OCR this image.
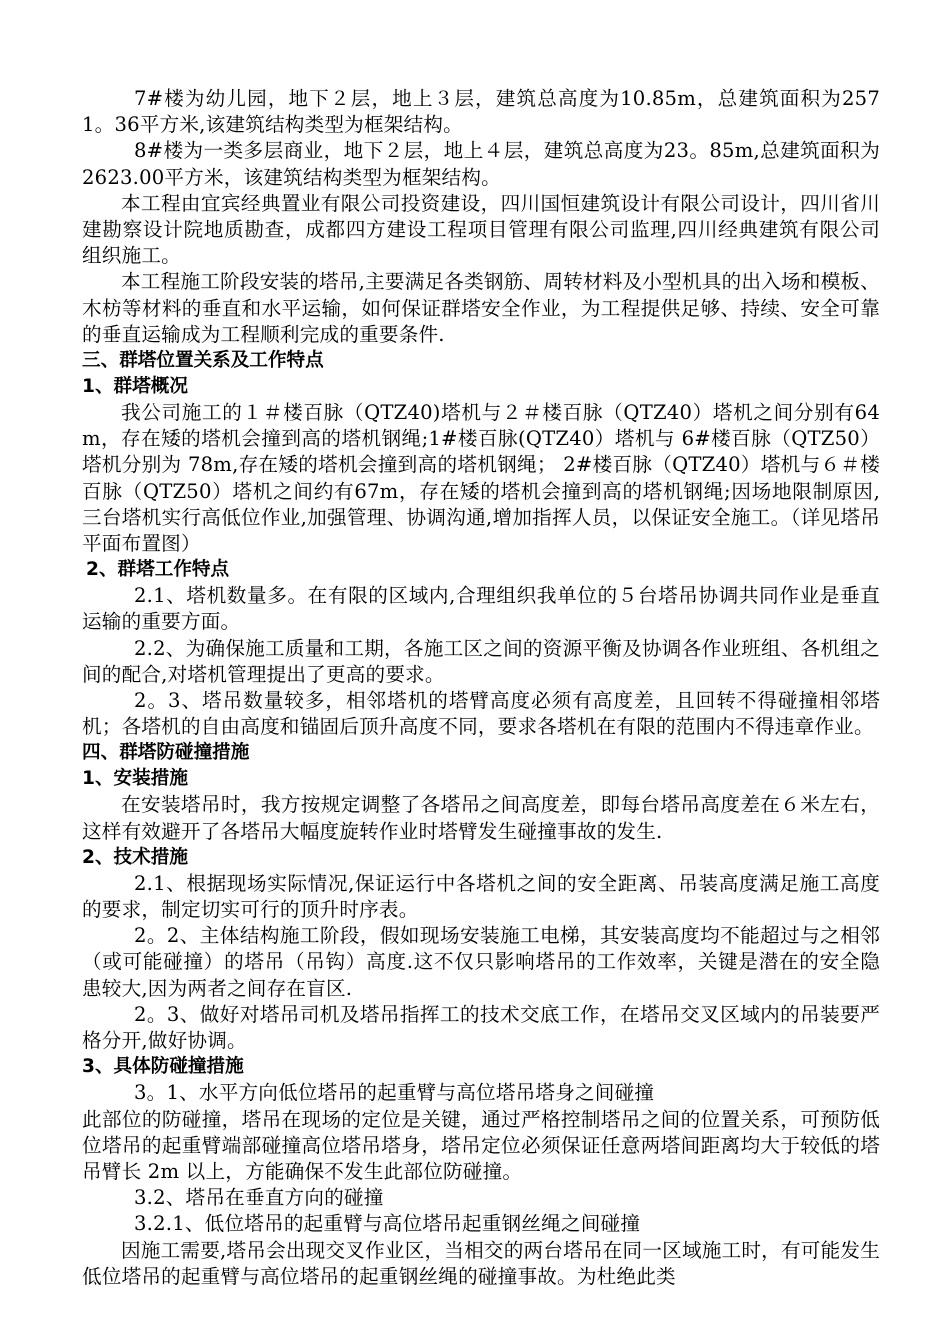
7#楼为幼儿园，地下２层，地上３层，建筑总高度为10.85m，总建筑面积为2571。36平方米,该建筑结构类型为框架结构。

8#楼为一类多层商业，地下２层，地上４层，建筑总高度为23。85m,总建筑面积为2623.00平方米，该建筑结构类型为框架结构。

本工程由宜宾经典置业有限公司投资建设，四川国恒建筑设计有限公司设计，四川省川建勘察设计院地质勘查，成都四方建设工程项目管理有限公司监理,四川经典建筑有限公司组织施工。

本工程施工阶段安装的塔吊,主要满足各类钢筋、周转材料及小型机具的出入场和模板、木枋等材料的垂直和水平运输，如何保证群塔安全作业，为工程提供足够、持续、安全可靠的垂直运输成为工程顺利完成的重要条件.

三、群塔位置关系及工作特点

1、群塔概况

我公司施工的１＃楼百脉（QTZ40)塔机与２＃楼百脉（QTZ40）塔机之间分别有64m，存在矮的塔机会撞到高的塔机钢绳;1#楼百脉(QTZ40）塔机与 6#楼百脉（QTZ50）塔机分别为 78m,存在矮的塔机会撞到高的塔机钢绳； 2#楼百脉（QTZ40）塔机与６＃楼百脉（QTZ50）塔机之间约有67m，存在矮的塔机会撞到高的塔机钢绳;因场地限制原因,三台塔机实行高低位作业,加强管理、协调沟通,增加指挥人员，以保证安全施工。（详见塔吊平面布置图）

2、群塔工作特点

2.1、塔机数量多。在有限的区域内,合理组织我单位的５台塔吊协调共同作业是垂直运输的重要方面。

2.2、为确保施工质量和工期，各施工区之间的资源平衡及协调各作业班组、各机组之间的配合,对塔机管理提出了更高的要求。

2。3、塔吊数量较多，相邻塔机的塔臂高度必须有高度差，且回转不得碰撞相邻塔机；各塔机的自由高度和锚固后顶升高度不同，要求各塔机在有限的范围内不得违章作业。

四、群塔防碰撞措施

1、安装措施

在安装塔吊时，我方按规定调整了各塔吊之间高度差，即每台塔吊高度差在６米左右，这样有效避开了各塔吊大幅度旋转作业时塔臂发生碰撞事故的发生.

2、技术措施

2.1、根据现场实际情况,保证运行中各塔机之间的安全距离、吊装高度满足施工高度的要求，制定切实可行的顶升时序表。

2。2、主体结构施工阶段，假如现场安装施工电梯，其安装高度均不能超过与之相邻（或可能碰撞）的塔吊（吊钩）高度.这不仅只影响塔吊的工作效率，关键是潜在的安全隐患较大,因为两者之间存在盲区.

2。3、做好对塔吊司机及塔吊指挥工的技术交底工作，在塔吊交叉区域内的吊装要严格分开,做好协调。

3、具体防碰撞措施

3。1、水平方向低位塔吊的起重臂与高位塔吊塔身之间碰撞

此部位的防碰撞，塔吊在现场的定位是关键，通过严格控制塔吊之间的位置关系，可预防低位塔吊的起重臂端部碰撞高位塔吊塔身，塔吊定位必须保证任意两塔间距离均大于较低的塔吊臂长 2m 以上，方能确保不发生此部位防碰撞。

3.2、塔吊在垂直方向的碰撞

3.2.1、低位塔吊的起重臂与高位塔吊起重钢丝绳之间碰撞

因施工需要,塔吊会出现交叉作业区，当相交的两台塔吊在同一区域施工时，有可能发生低位塔吊的起重臂与高位塔吊的起重钢丝绳的碰撞事故。为杜绝此类
